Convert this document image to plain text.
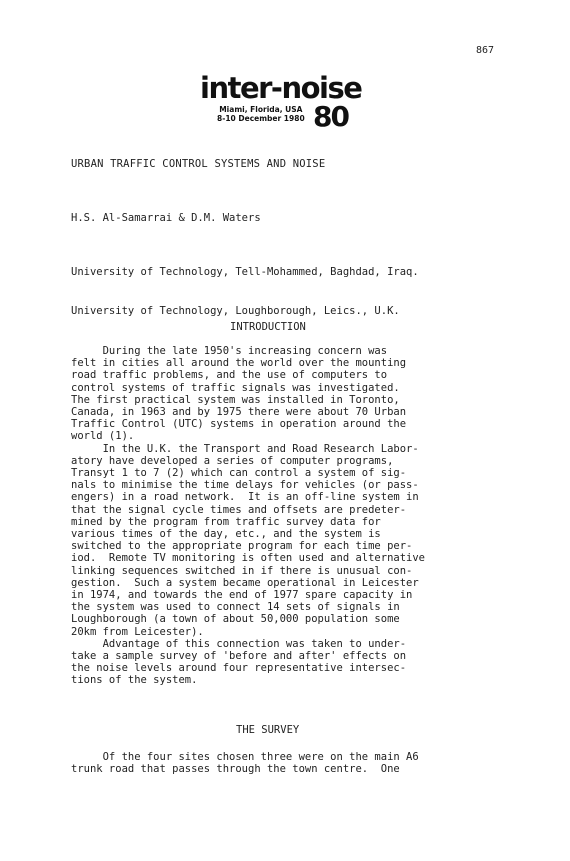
867
inter-noise
Miami, Florida, USA
8-10 December 1980 80
URBAN TRAFFIC CONTROL SYSTEMS AND NOISE
H.S. Al-Samarrai & D.M. Waters

University of Technology, Tell-Mohammed, Baghdad, Iraq.

University of Technology, Loughborough, Leics., U.K.

INTRODUCTION
During the late 1950's increasing concern was
felt in cities all around the world over the mounting
road traffic problems, and the use of computers to
control systems of traffic signals was investigated.
The first practical system was installed in Toronto,
Canada, in 1963 and by 1975 there were about 70 Urban
Traffic Control (UTC) systems in operation around the
world (1).
In the U.K. the Transport and Road Research Labor-
atory have developed a series of computer programs,
Transyt 1 to 7 (2) which can control a system of sig-
nals to minimise the time delays for vehicles (or pass-
engers) in a road network.  It is an off-line system in
that the signal cycle times and offsets are predeter-
mined by the program from traffic survey data for
various times of the day, etc., and the system is
switched to the appropriate program for each time per-
iod.  Remote TV monitoring is often used and alternative
linking sequences switched in if there is unusual con-
gestion.  Such a system became operational in Leicester
in 1974, and towards the end of 1977 spare capacity in
the system was used to connect 14 sets of signals in
Loughborough (a town of about 50,000 population some
20km from Leicester).
Advantage of this connection was taken to under-
take a sample survey of 'before and after' effects on
the noise levels around four representative intersec-
tions of the system.
THE SURVEY
Of the four sites chosen three were on the main A6
trunk road that passes through the town centre.  One
